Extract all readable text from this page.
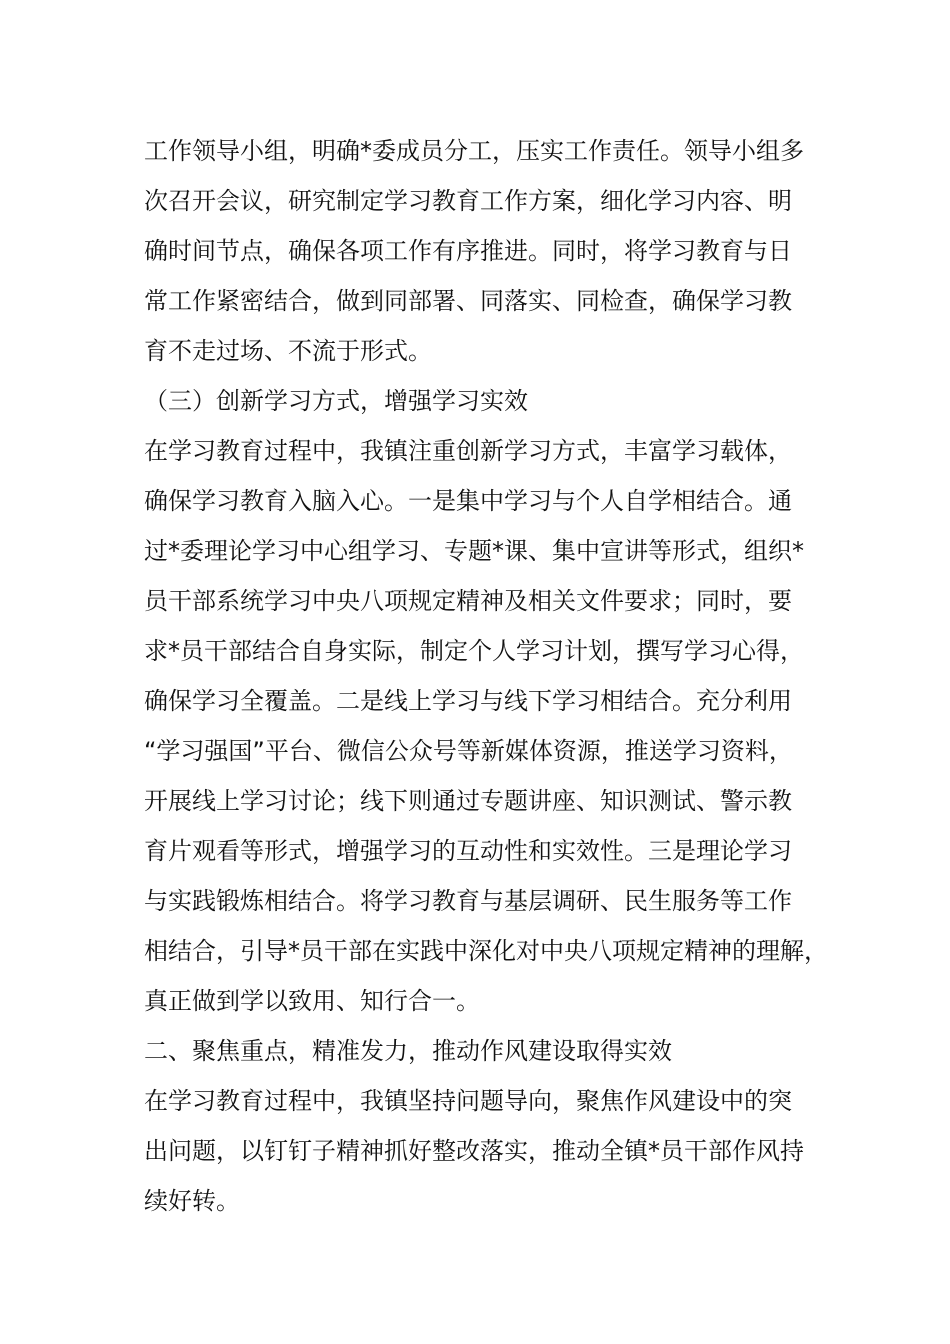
工作领导小组，明确*委成员分工，压实工作责任。领导小组多
次召开会议，研究制定学习教育工作方案，细化学习内容、明
确时间节点，确保各项工作有序推进。同时，将学习教育与日
常工作紧密结合，做到同部署、同落实、同检查，确保学习教
育不走过场、不流于形式。
（三）创新学习方式，增强学习实效
在学习教育过程中，我镇注重创新学习方式，丰富学习载体，
确保学习教育入脑入心。一是集中学习与个人自学相结合。通
过*委理论学习中心组学习、专题*课、集中宣讲等形式，组织*
员干部系统学习中央八项规定精神及相关文件要求；同时，要
求*员干部结合自身实际，制定个人学习计划，撰写学习心得，
确保学习全覆盖。二是线上学习与线下学习相结合。充分利用
“学习强国”平台、微信公众号等新媒体资源，推送学习资料，
开展线上学习讨论；线下则通过专题讲座、知识测试、警示教
育片观看等形式，增强学习的互动性和实效性。三是理论学习
与实践锻炼相结合。将学习教育与基层调研、民生服务等工作
相结合，引导*员干部在实践中深化对中央八项规定精神的理解，
真正做到学以致用、知行合一。
二、聚焦重点，精准发力，推动作风建设取得实效
在学习教育过程中，我镇坚持问题导向，聚焦作风建设中的突
出问题，以钉钉子精神抓好整改落实，推动全镇*员干部作风持
续好转。
